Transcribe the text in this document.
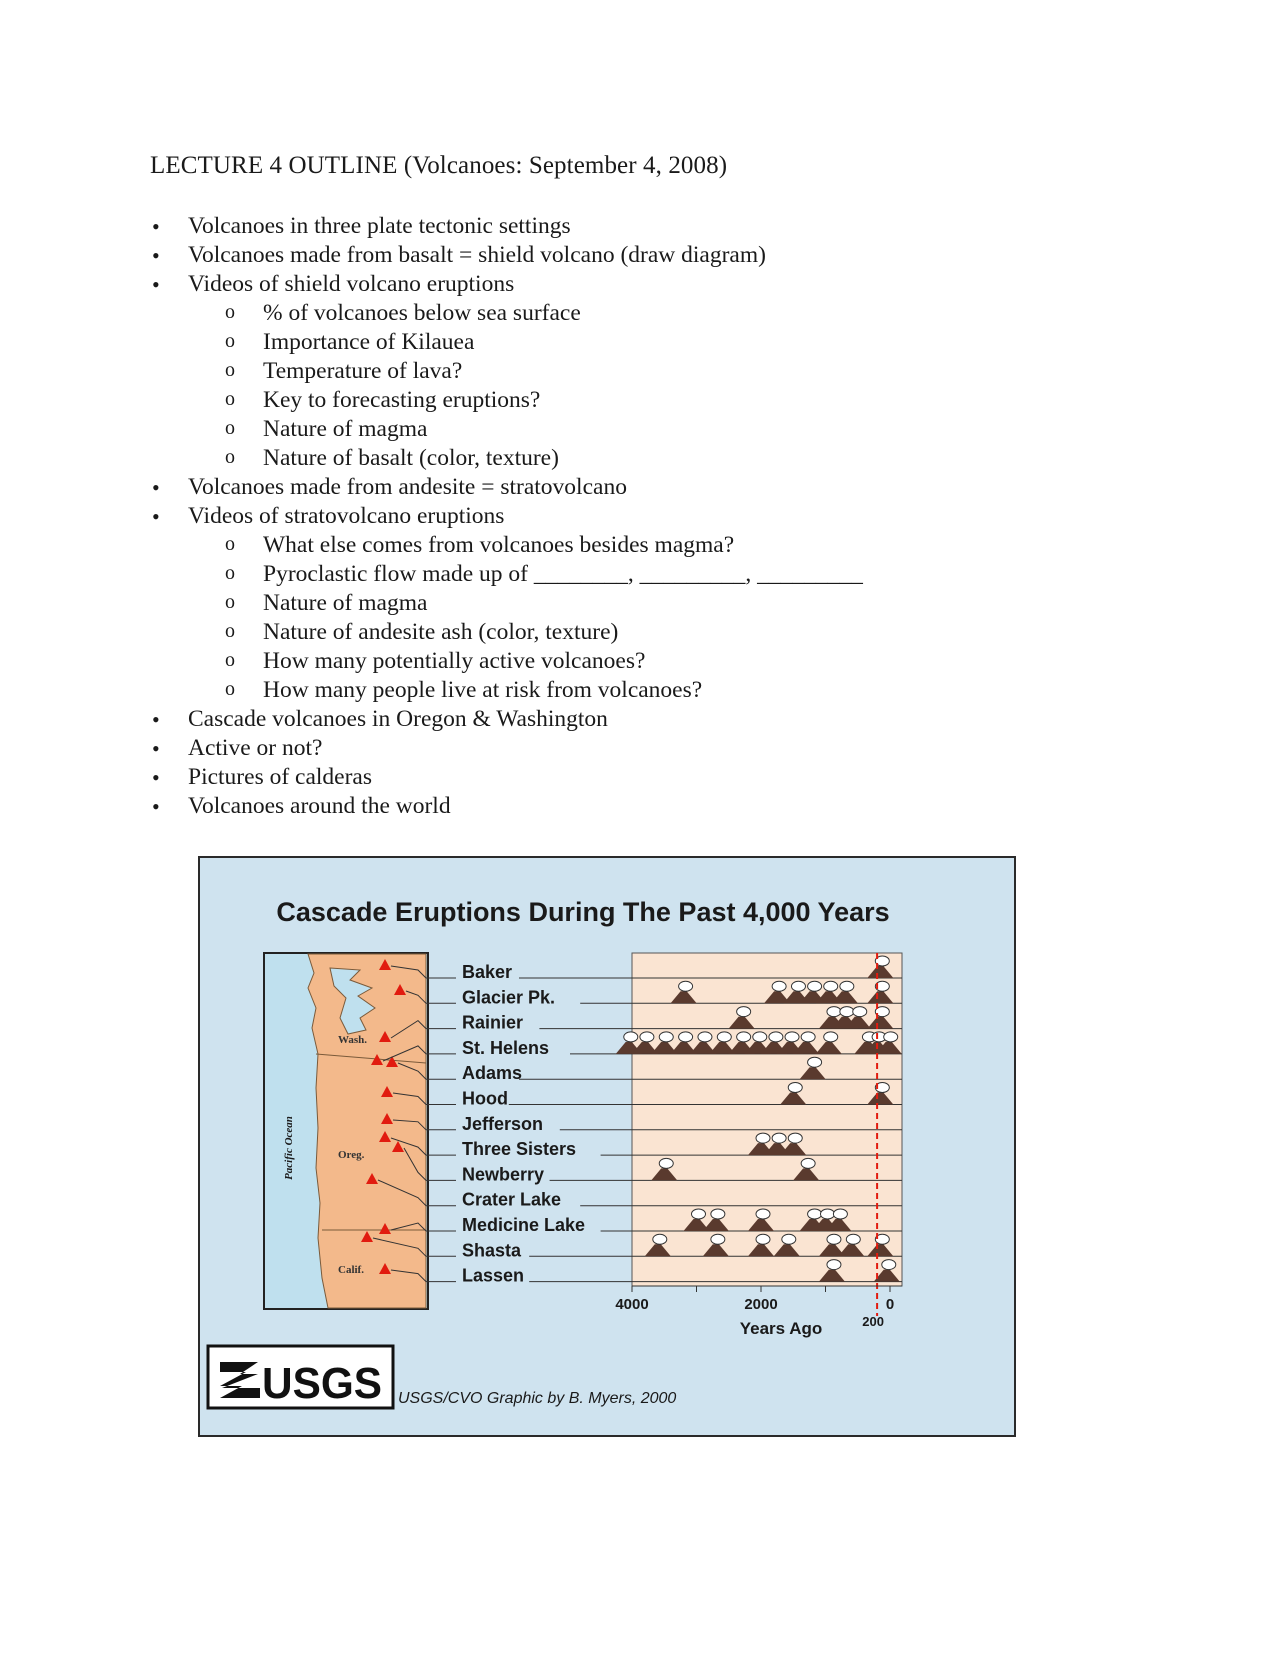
LECTURE 4 OUTLINE (Volcanoes: September 4, 2008)
• Volcanoes in three plate tectonic settings
• Volcanoes made from basalt = shield volcano (draw diagram)
• Videos of shield volcano eruptions
o % of volcanoes below sea surface
o Importance of Kilauea
o Temperature of lava?
o Key to forecasting eruptions?
o Nature of magma
o Nature of basalt (color, texture)
• Volcanoes made from andesite = stratovolcano
• Videos of stratovolcano eruptions
o What else comes from volcanoes besides magma?
o Pyroclastic flow made up of ________, _________, _________
o Nature of magma
o Nature of andesite ash (color, texture)
o How many potentially active volcanoes?
o How many people live at risk from volcanoes?
• Cascade volcanoes in Oregon & Washington
• Active or not?
• Pictures of calderas
• Volcanoes around the world
Cascade Eruptions During The Past 4,000 Years
Pacific Ocean
Wash.
Oreg.
Calif.
Baker
Glacier Pk.
Rainier
St. Helens
Adams
Hood
Jefferson
Three Sisters
Newberry
Crater Lake
Medicine Lake
Shasta
Lassen
4000	2000	0
200
Years Ago
USGS USGS/CVO Graphic by B. Myers, 2000
